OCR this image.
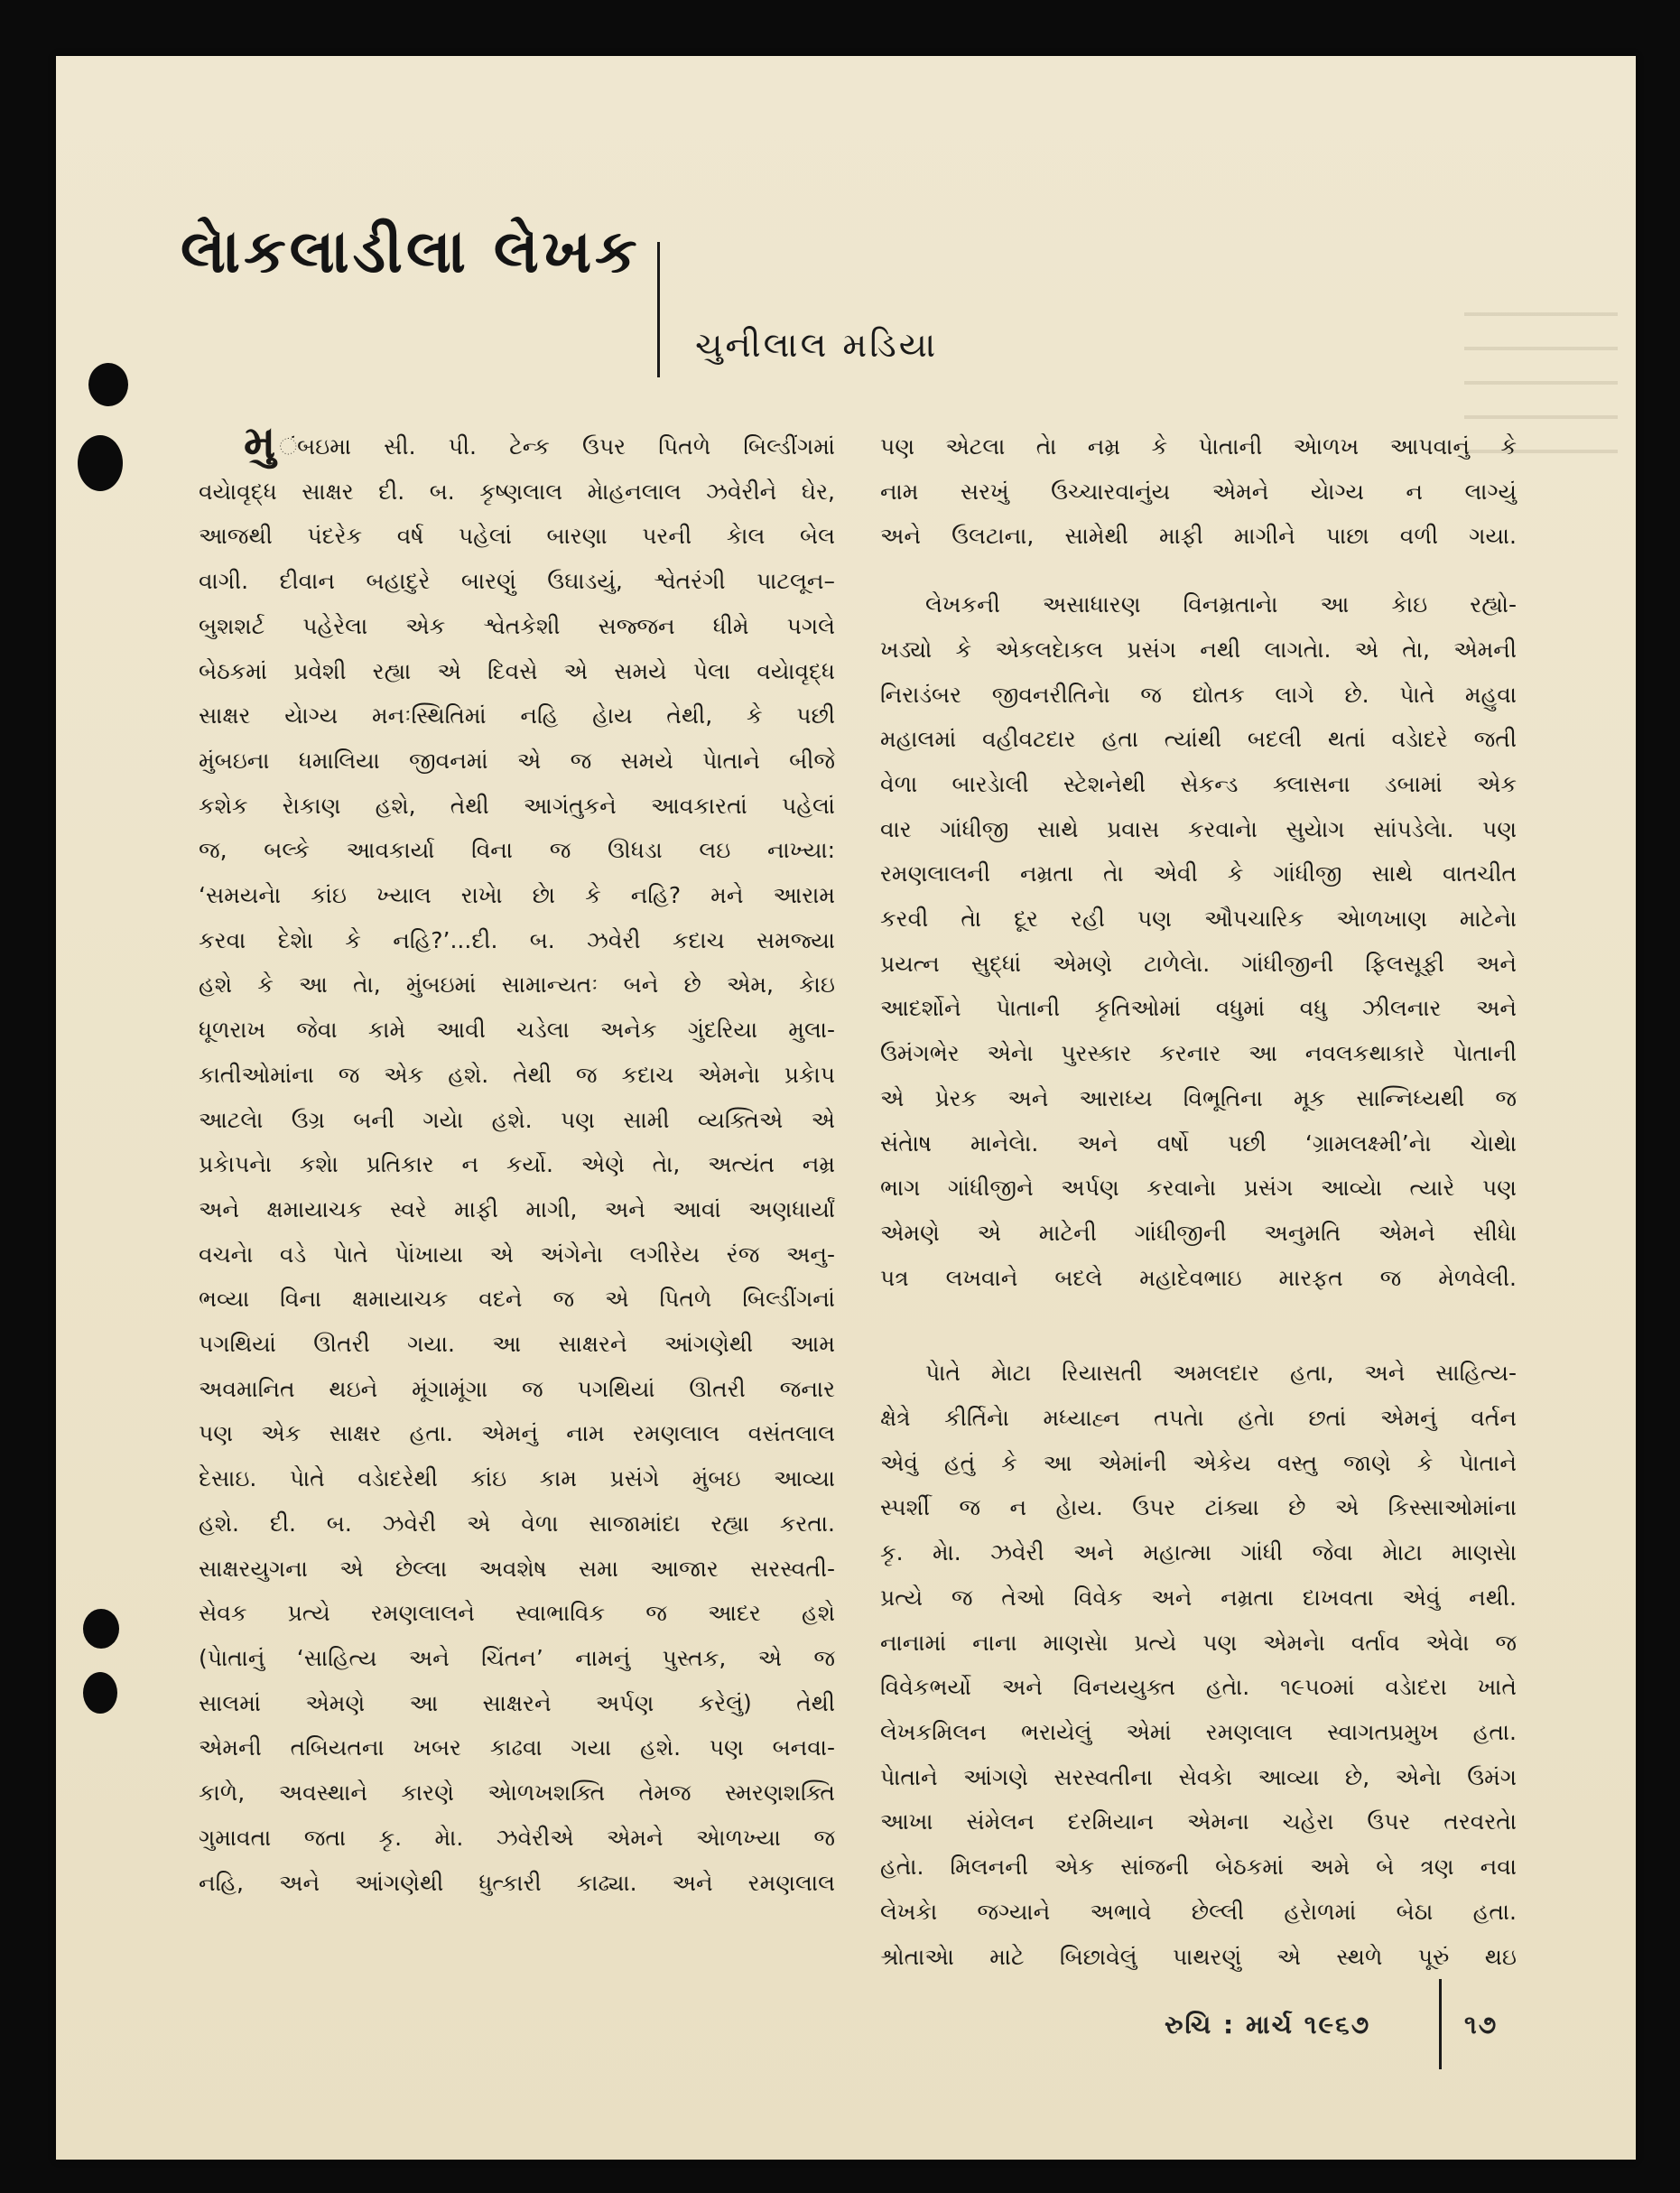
લેાકલાડીલા લેખક
ચુનીલાલ મડિયા
મુ ંબઇમા સી. પી. ટેન્ક ઉપર પિતળે બિલ્ડીંગમાં
વયેાવૃદ્ધ સાક્ષર દી. બ. કૃષ્ણલાલ મેાહનલાલ ઝવેરીને ઘેર,
આજથી પંદરેક વર્ષ પહેલાં બારણા પરની કેાલ બેલ
વાગી. દીવાન બહાદુરે બારણું ઉઘાડયું, શ્વેતરંગી પાટલૂન–
બુશશર્ટ પહેરેલા એક શ્વેતકેશી સજ્જન ધીમે પગલે
બેઠકમાં પ્રવેશી રહ્યા એ દિવસે એ સમયે પેલા વયેાવૃદ્ધ
સાક્ષર યેાગ્ય મનઃસ્થિતિમાં નહિ હેાય તેથી, કે પછી
મુંબઇના ધમાલિયા જીવનમાં એ જ સમયે પેાતાને બીજે
કશેક રેાકાણ હશે, તેથી આગંતુકને આવકારતાં પહેલાં
જ, બલ્કે આવકાર્યા વિના જ ઊધડા લઇ નાખ્યા:
‘સમયનેા કાંઇ ખ્યાલ રાખેા છેા કે નહિ? મને આરામ
કરવા દેશેા કે નહિ?’...દી. બ. ઝવેરી કદાચ સમજ્યા
હશે કે આ તેા, મુંબઇમાં સામાન્યતઃ બને છે એમ, કેાઇ
ધૂળરાખ જેવા કામે આવી ચડેલા અનેક ગુંદરિયા મુલા-
કાતીઓમાંના જ એક હશે. તેથી જ કદાચ એમનેા પ્રકેાપ
આટલેા ઉગ્ર બની ગયેા હશે. પણ સામી વ્યક્તિએ એ
પ્રકેાપનેા કશેા પ્રતિકાર ન કર્યો. એણે તેા, અત્યંત નમ્ર
અને ક્ષમાયાચક સ્વરે માફી માગી, અને આવાં અણધાર્યાં
વચનેા વડે પેાતે પેાંખાયા એ અંગેનેા લગીરેય રંજ અનુ-
ભવ્યા વિના ક્ષમાયાચક વદને જ એ પિતળે બિલ્ડીંગનાં
પગથિયાં ઊતરી ગયા. આ સાક્ષરને આંગણેથી આમ
અવમાનિત થઇને મૂંગામૂંગા જ પગથિયાં ઊતરી જનાર
પણ એક સાક્ષર હતા. એમનું નામ રમણલાલ વસંતલાલ
દેસાઇ. પેાતે વડેાદરેથી કાંઇ કામ પ્રસંગે મુંબઇ આવ્યા
હશે. દી. બ. ઝવેરી એ વેળા સાજામાંદા રહ્યા કરતા.
સાક્ષરયુગના એ છેલ્લા અવશેષ સમા આજાર સરસ્વતી-
સેવક પ્રત્યે રમણલાલને સ્વાભાવિક જ આદર હશે
(પેાતાનું ‘સાહિત્ય અને ચિંતન’ નામનું પુસ્તક, એ જ
સાલમાં એમણે આ સાક્ષરને અર્પણ કરેલું) તેથી
એમની તબિયતના ખબર કાઢવા ગયા હશે. પણ બનવા-
કાળે, અવસ્થાને કારણે એાળખશક્તિ તેમજ સ્મરણશક્તિ
ગુમાવતા જતા કૃ. મેા. ઝવેરીએ એમને એાળખ્યા જ
નહિ, અને આંગણેથી ધુત્કારી કાઢ્યા. અને રમણલાલ
પણ એટલા તેા નમ્ર કે પેાતાની એાળખ આપવાનું કે
નામ સરખું ઉચ્ચારવાનુંય એમને યેાગ્ય ન લાગ્યું
અને ઉલટાના, સામેથી માફી માગીને પાછા વળી ગયા.
લેખકની અસાધારણ વિનમ્રતાનેા આ કેાઇ રહ્યો-
ખડ્યો કે એકલદેાકલ પ્રસંગ નથી લાગતેા. એ તેા, એમની
નિરાડંબર જીવનરીતિનેા જ દ્યોતક લાગે છે. પેાતે મહુવા
મહાલમાં વહીવટદાર હતા ત્યાંથી બદલી થતાં વડેાદરે જતી
વેળા બારડેાલી સ્ટેશનેથી સેકન્ડ ક્લાસના ડબામાં એક
વાર ગાંધીજી સાથે પ્રવાસ કરવાનેા સુયેાગ સાંપડેલેા. પણ
રમણલાલની નમ્રતા તેા એવી કે ગાંધીજી સાથે વાતચીત
કરવી તેા દૂર રહી પણ ઔપચારિક એાળખાણ માટેનેા
પ્રયત્ન સુદ્ધાં એમણે ટાળેલેા. ગાંધીજીની ફિલસૂફી અને
આદર્શોને પેાતાની કૃતિઓમાં વધુમાં વધુ ઝીલનાર અને
ઉમંગભેર એનેા પુરસ્કાર કરનાર આ નવલકથાકારે પેાતાની
એ પ્રેરક અને આરાધ્ય વિભૂતિના મૂક સાન્નિધ્યથી જ
સંતેાષ માનેલેા. અને વર્ષો પછી ‘ગ્રામલક્ષ્મી’નેા ચેાથેા
ભાગ ગાંધીજીને અર્પણ કરવાનેા પ્રસંગ આવ્યેા ત્યારે પણ
એમણે એ માટેની ગાંધીજીની અનુમતિ એમને સીધેા
પત્ર લખવાને બદલે મહાદેવભાઇ મારફત જ મેળવેલી.
પેાતે મેાટા રિયાસતી અમલદાર હતા, અને સાહિત્ય-
ક્ષેત્રે કીર્તિનેા મધ્યાહ્ન તપતેા હતેા છતાં એમનું વર્તન
એવું હતું કે આ એમાંની એકેય વસ્તુ જાણે કે પેાતાને
સ્પર્શી જ ન હેાય. ઉપર ટાંક્યા છે એ કિસ્સાઓમાંના
કૃ. મેા. ઝવેરી અને મહાત્મા ગાંધી જેવા મેાટા માણસેા
પ્રત્યે જ તેઓ વિવેક અને નમ્રતા દાખવતા એવું નથી.
નાનામાં નાના માણસેા પ્રત્યે પણ એમનેા વર્તાવ એવેા જ
વિવેકભર્યો અને વિનયયુક્ત હતેા. ૧૯૫૦માં વડેાદરા ખાતે
લેખકમિલન ભરાયેલું એમાં રમણલાલ સ્વાગતપ્રમુખ હતા.
પેાતાને આંગણે સરસ્વતીના સેવકેા આવ્યા છે, એનેા ઉમંગ
આખા સંમેલન દરમિયાન એમના ચહેરા ઉપર તરવરતેા
હતેા. મિલનની એક સાંજની બેઠકમાં અમે બે ત્રણ નવા
લેખકેા જગ્યાને અભાવે છેલ્લી હરેાળમાં બેઠા હતા.
શ્રોતાએા માટે બિછાવેલું પાથરણું એ સ્થળે પૂરું થઇ
રુચિ : માર્ચ ૧૯૬૭	૧૭
